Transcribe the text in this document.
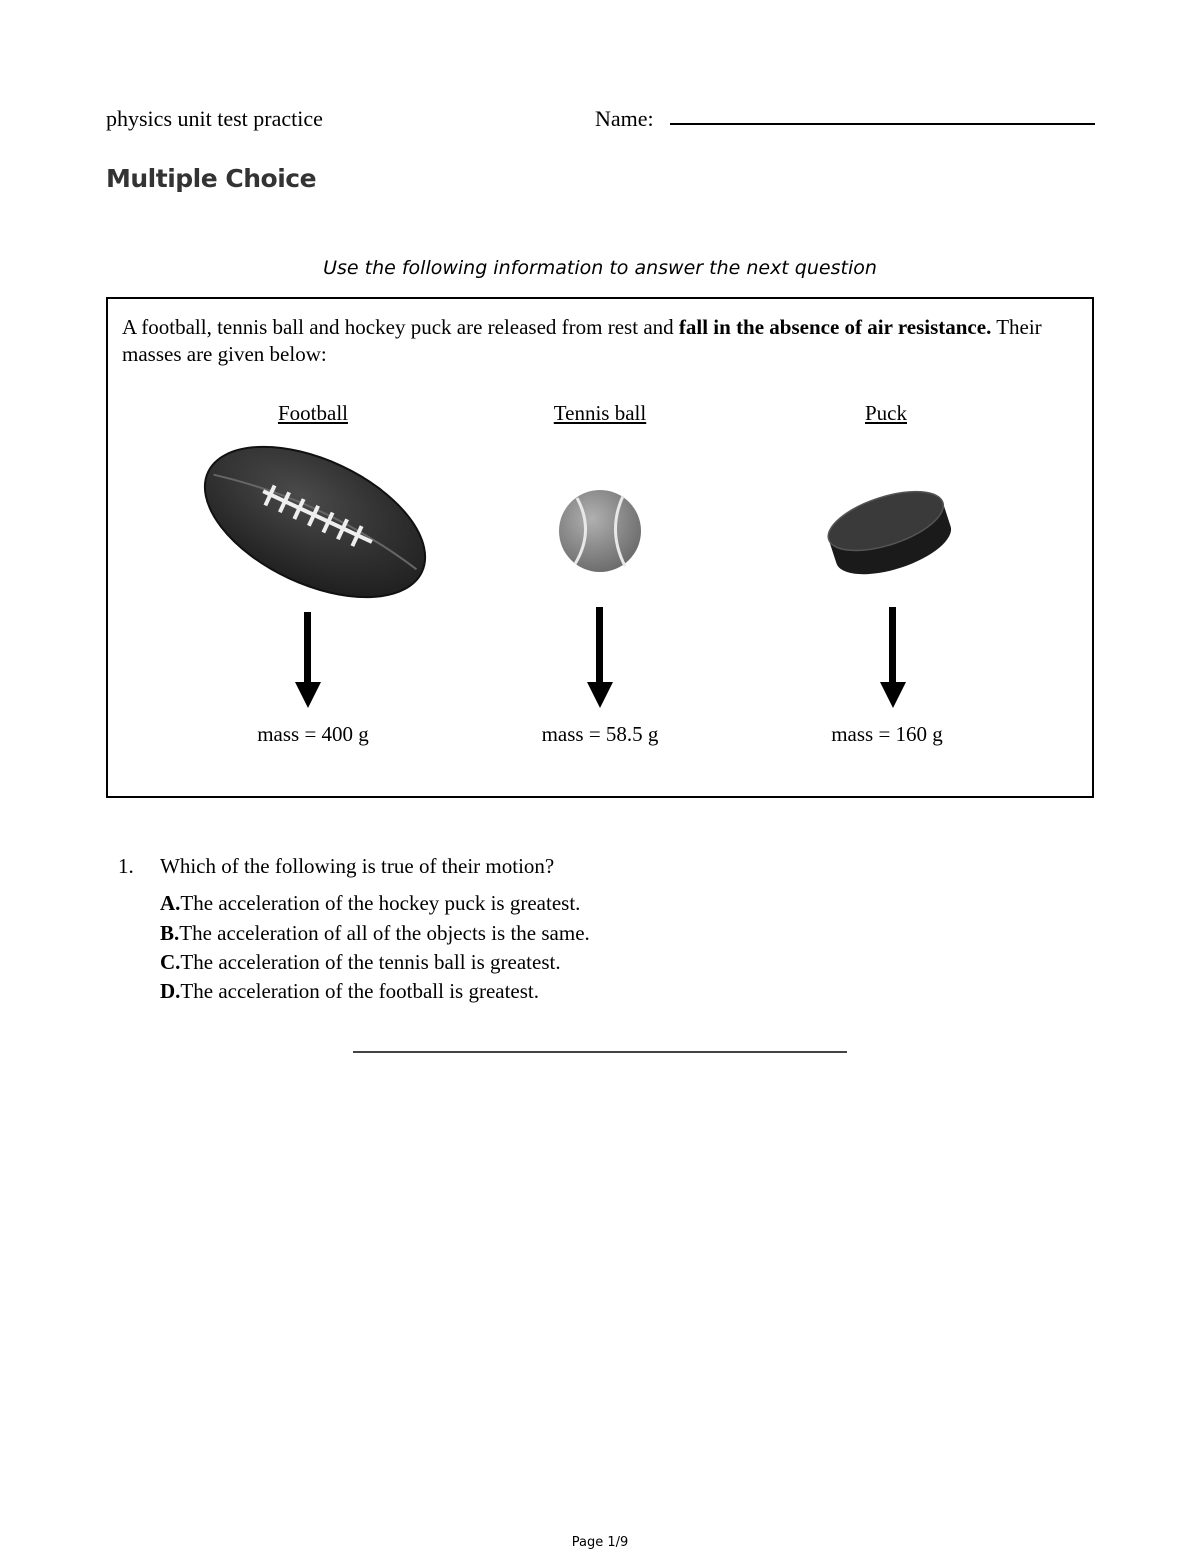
physics unit test practice	Name:
Multiple Choice
Use the following information to answer the next question
A football, tennis ball and hockey puck are released from rest and fall in the absence of air resistance. Their masses are given below:
Football	Tennis ball	Puck
mass = 400 g	mass = 58.5 g	mass = 160 g
1. Which of the following is true of their motion?
A.The acceleration of the hockey puck is greatest.
B.The acceleration of all of the objects is the same.
C.The acceleration of the tennis ball is greatest.
D.The acceleration of the football is greatest.
Page 1/9
